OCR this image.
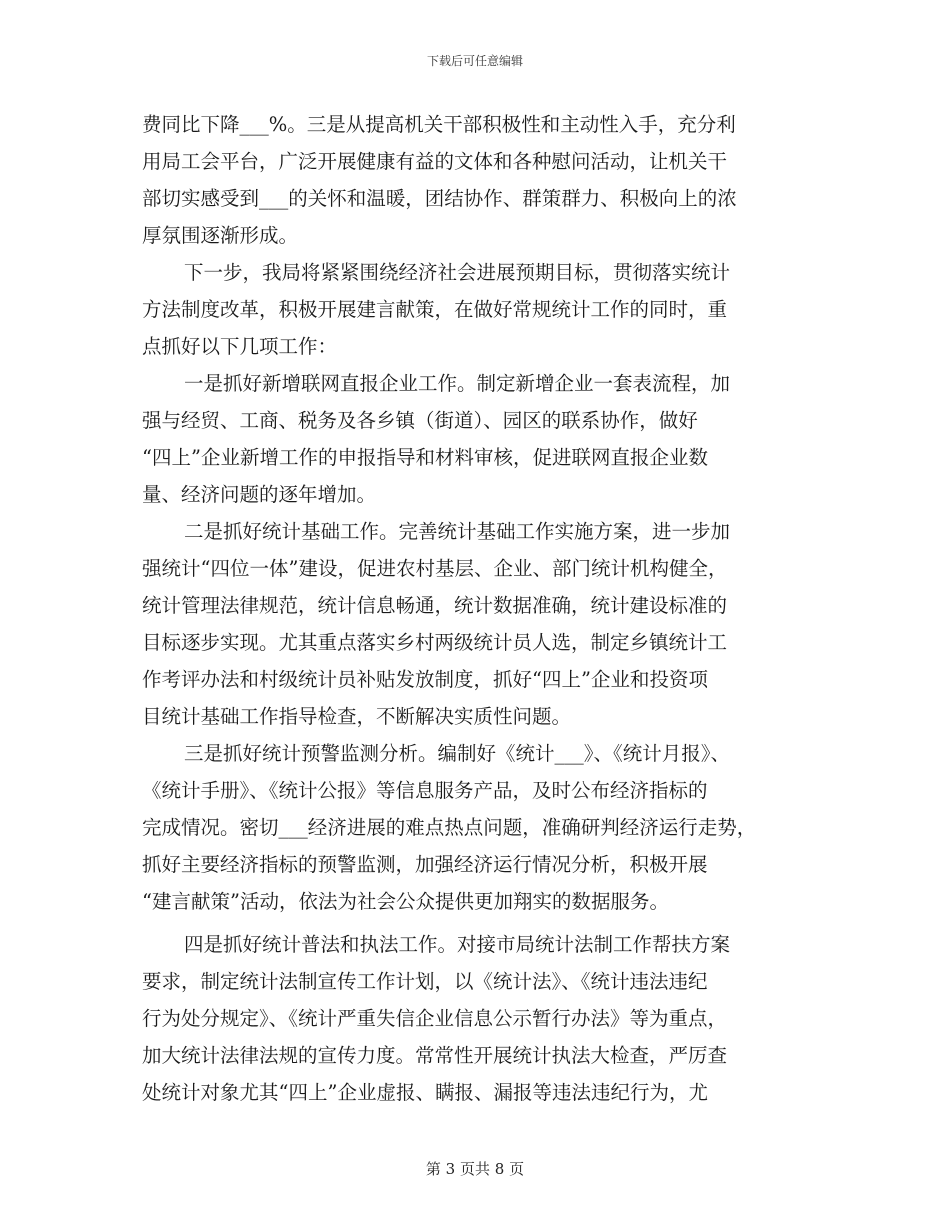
下载后可任意编辑
费同比下降___%。三是从提高机关干部积极性和主动性入手，充分利
用局工会平台，广泛开展健康有益的文体和各种慰问活动，让机关干
部切实感受到___的关怀和温暖，团结协作、群策群力、积极向上的浓
厚氛围逐渐形成。
下一步，我局将紧紧围绕经济社会进展预期目标，贯彻落实统计
方法制度改革，积极开展建言献策，在做好常规统计工作的同时，重
点抓好以下几项工作：
一是抓好新增联网直报企业工作。制定新增企业一套表流程，加
强与经贸、工商、税务及各乡镇（街道）、园区的联系协作，做好
“四上”企业新增工作的申报指导和材料审核，促进联网直报企业数
量、经济问题的逐年增加。
二是抓好统计基础工作。完善统计基础工作实施方案，进一步加
强统计“四位一体”建设，促进农村基层、企业、部门统计机构健全，
统计管理法律规范，统计信息畅通，统计数据准确，统计建设标准的
目标逐步实现。尤其重点落实乡村两级统计员人选，制定乡镇统计工
作考评办法和村级统计员补贴发放制度，抓好“四上”企业和投资项
目统计基础工作指导检查，不断解决实质性问题。
三是抓好统计预警监测分析。编制好《统计___》、《统计月报》、
《统计手册》、《统计公报》等信息服务产品，及时公布经济指标的
完成情况。密切___经济进展的难点热点问题，准确研判经济运行走势，
抓好主要经济指标的预警监测，加强经济运行情况分析，积极开展
“建言献策”活动，依法为社会公众提供更加翔实的数据服务。
四是抓好统计普法和执法工作。对接市局统计法制工作帮扶方案
要求，制定统计法制宣传工作计划，以《统计法》、《统计违法违纪
行为处分规定》、《统计严重失信企业信息公示暂行办法》等为重点，
加大统计法律法规的宣传力度。常常性开展统计执法大检查，严厉查
处统计对象尤其“四上”企业虚报、瞒报、漏报等违法违纪行为，尤
第 3 页共 8 页
